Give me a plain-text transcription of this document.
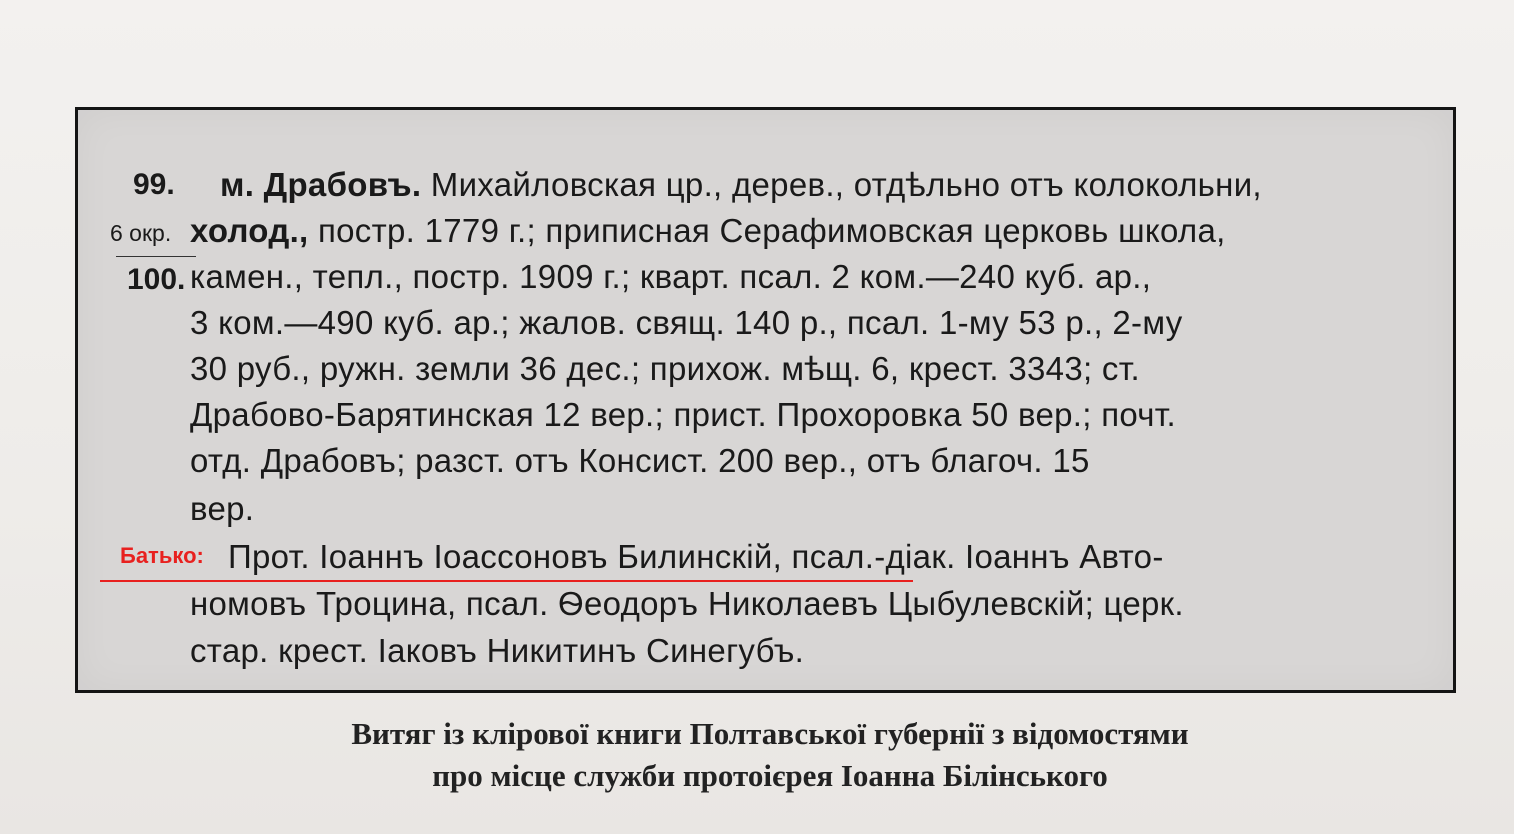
99.
6 окр.
100.
м. Драбовъ. Михайловская цр., дерев., отдѣльно отъ колокольни,
холод., постр. 1779 г.; приписная Серафимовская церковь школа,
камен., тепл., постр. 1909 г.; кварт. псал. 2 ком.—240 куб. ар.,
3 ком.—490 куб. ар.; жалов. свящ. 140 р., псал. 1-му 53 р., 2-му
30 руб., ружн. земли 36 дес.; прихож. мѣщ. 6, крест. 3343; ст.
Драбово-Барятинская 12 вер.; прист. Прохоровка 50 вер.; почт.
отд. Драбовъ; разст. отъ Консист. 200 вер., отъ благоч. 15
вер.
Прот. Іоаннъ Іоассоновъ Билинскій, псал.-діак. Іоаннъ Авто-
номовъ Троцина, псал. Ѳеодоръ Николаевъ Цыбулевскій; церк.
стар. крест. Іаковъ Никитинъ Синегубъ.
Батько:
Витяг із клірової книги Полтавської губернії з відомостями
про місце служби протоієрея Іоанна Білінського
